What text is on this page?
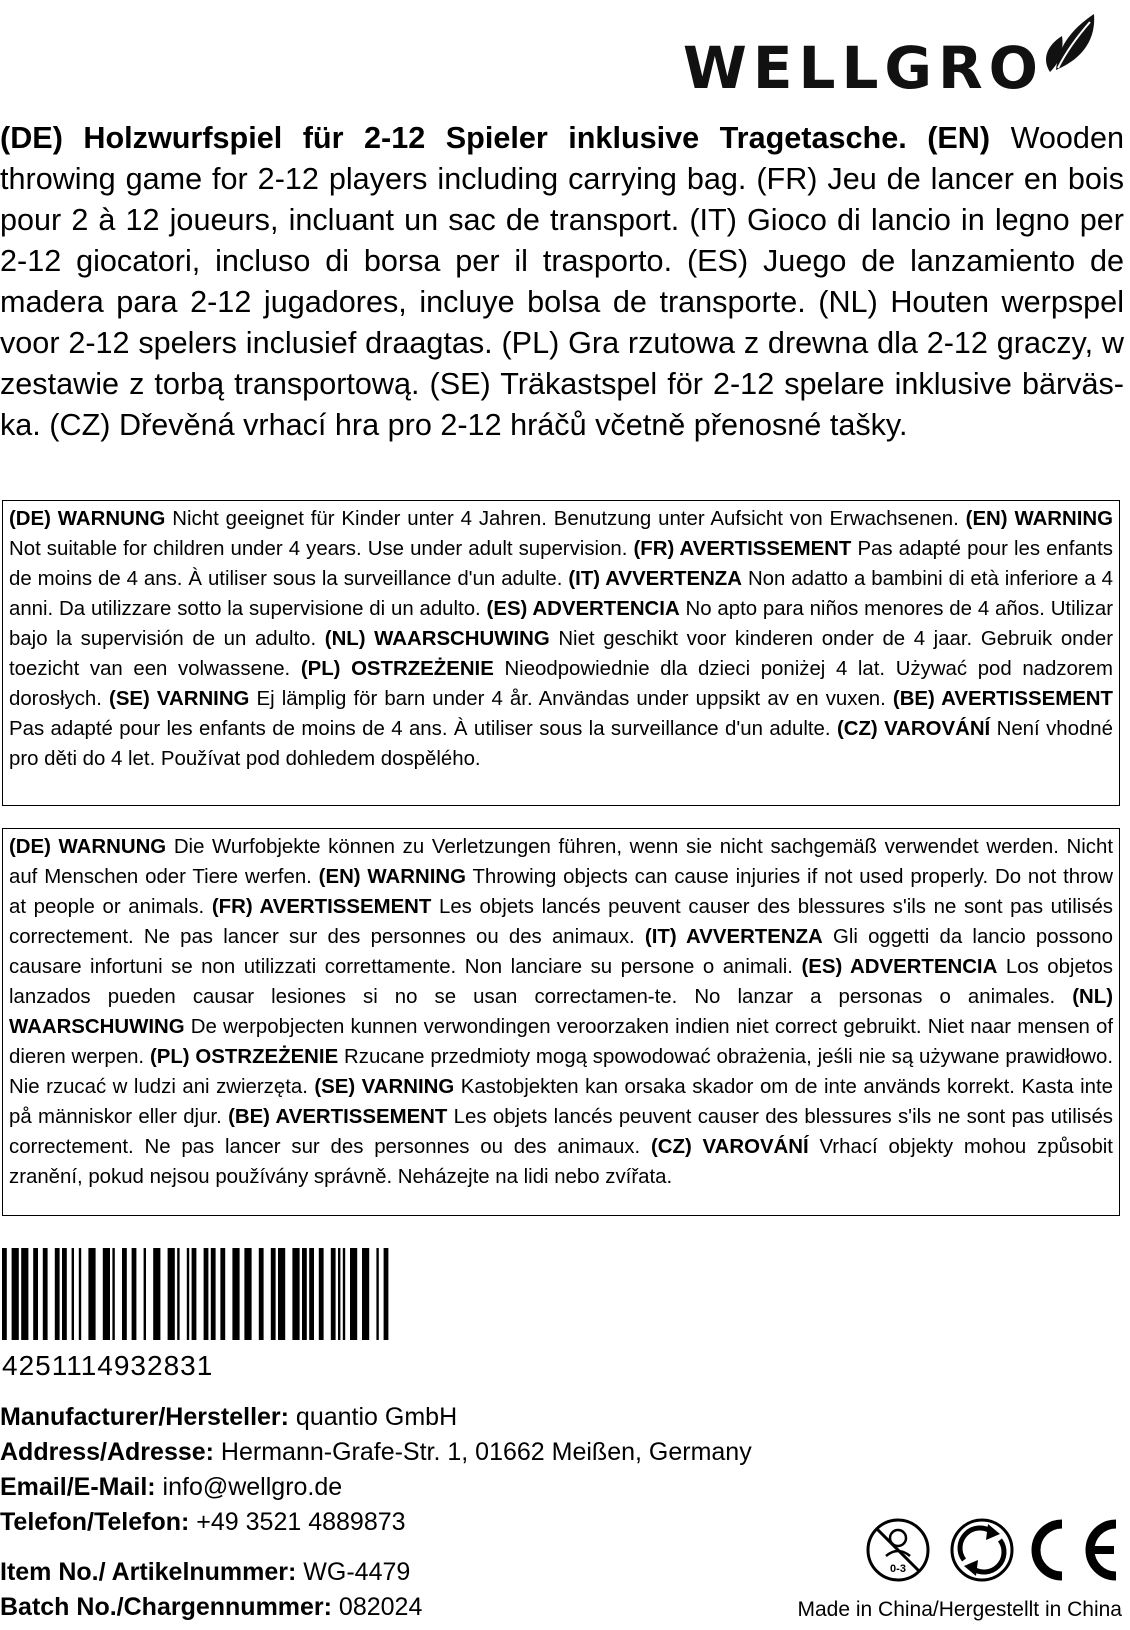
WELLGRO
(DE) Holzwurfspiel für 2-12 Spieler inklusive Tragetasche. (EN) Wooden throwing game for 2-12 players including carrying bag. (FR) Jeu de lancer en bois pour 2 à 12 joueurs, incluant un sac de transport. (IT) Gioco di lancio in legno per 2-12 giocatori, incluso di borsa per il trasporto. (ES) Juego de lanzamiento de madera para 2-12 jugadores, incluye bolsa de transporte. (NL) Houten werpspel voor 2-12 spelers inclusief draagtas. (PL) Gra rzutowa z drewna dla 2-12 graczy, w zestawie z torbą transportową. (SE) Träkastspel för 2-12 spelare inklusive bärväs-ka. (CZ) Dřevěná vrhací hra pro 2-12 hráčů včetně přenosné tašky.
(DE) WARNUNG Nicht geeignet für Kinder unter 4 Jahren. Benutzung unter Aufsicht von Erwachsenen. (EN) WARNING Not suitable for children under 4 years. Use under adult supervision. (FR) AVERTISSEMENT Pas adapté pour les enfants de moins de 4 ans. À utiliser sous la surveillance d'un adulte. (IT) AVVERTENZA Non adatto a bambini di età inferiore a 4 anni. Da utilizzare sotto la supervisione di un adulto. (ES) ADVERTENCIA No apto para niños menores de 4 años. Utilizar bajo la supervisión de un adulto. (NL) WAARSCHUWING Niet geschikt voor kinderen onder de 4 jaar. Gebruik onder toezicht van een volwassene. (PL) OSTRZEŻENIE Nieodpowiednie dla dzieci poniżej 4 lat. Używać pod nadzorem dorosłych. (SE) VARNING Ej lämplig för barn under 4 år. Användas under uppsikt av en vuxen. (BE) AVERTISSEMENT Pas adapté pour les enfants de moins de 4 ans. À utiliser sous la surveillance d'un adulte. (CZ) VAROVÁNÍ Není vhodné pro děti do 4 let. Používat pod dohledem dospělého.
(DE) WARNUNG Die Wurfobjekte können zu Verletzungen führen, wenn sie nicht sachgemäß verwendet werden. Nicht auf Menschen oder Tiere werfen. (EN) WARNING Throwing objects can cause injuries if not used properly. Do not throw at people or animals. (FR) AVERTISSEMENT Les objets lancés peuvent causer des blessures s'ils ne sont pas utilisés correctement. Ne pas lancer sur des personnes ou des animaux. (IT) AVVERTENZA Gli oggetti da lancio possono causare infortuni se non utilizzati correttamente. Non lanciare su persone o animali. (ES) ADVERTENCIA Los objetos lanzados pueden causar lesiones si no se usan correctamen-te. No lanzar a personas o animales. (NL) WAARSCHUWING De werpobjecten kunnen verwondingen veroorzaken indien niet correct gebruikt. Niet naar mensen of dieren werpen. (PL) OSTRZEŻENIE Rzucane przedmioty mogą spowodować obrażenia, jeśli nie są używane prawidłowo. Nie rzucać w ludzi ani zwierzęta. (SE) VARNING Kastobjekten kan orsaka skador om de inte används korrekt. Kasta inte på människor eller djur. (BE) AVERTISSEMENT Les objets lancés peuvent causer des blessures s'ils ne sont pas utilisés correctement. Ne pas lancer sur des personnes ou des animaux. (CZ) VAROVÁNÍ Vrhací objekty mohou způsobit zranění, pokud nejsou používány správně. Neházejte na lidi nebo zvířata.
4251114932831
Manufacturer/Hersteller: quantio GmbH
Address/Adresse: Hermann-Grafe-Str. 1, 01662 Meißen, Germany
Email/E-Mail: info@wellgro.de
Telefon/Telefon: +49 3521 4889873
Item No./ Artikelnummer: WG-4479
Batch No./Chargennummer: 082024
0-3
Made in China/Hergestellt in China
